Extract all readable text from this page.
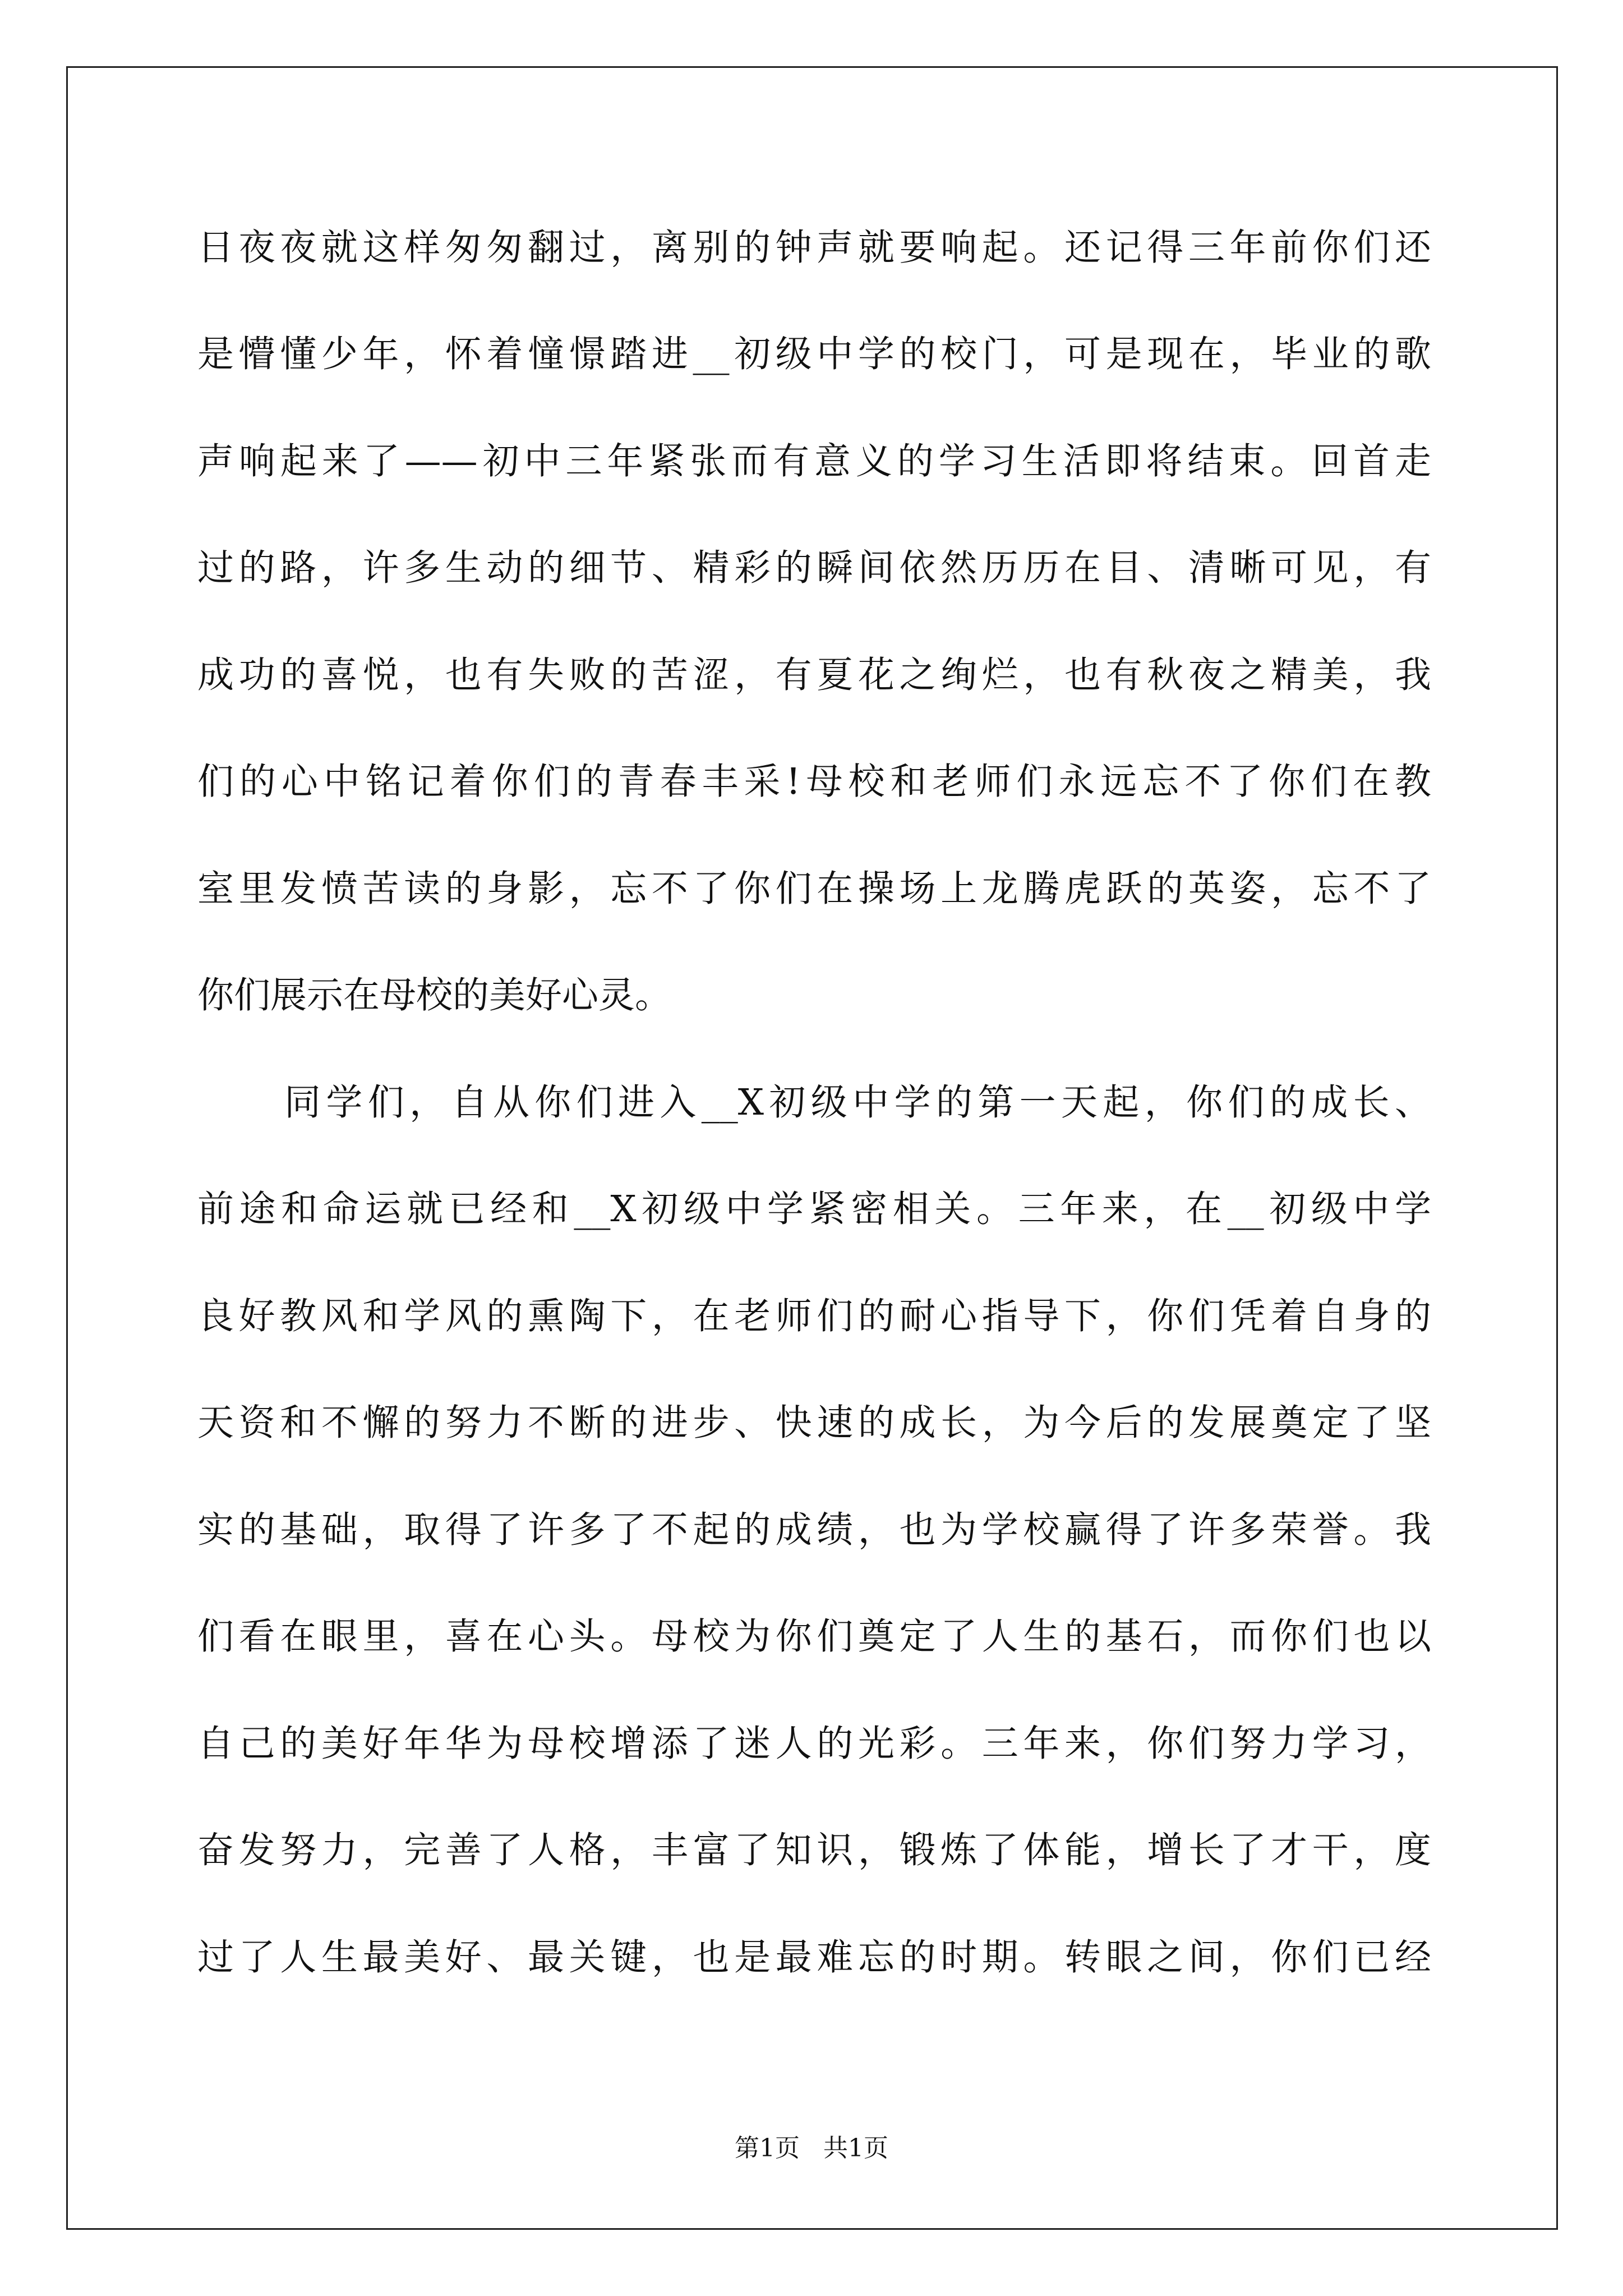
日夜夜就这样匆匆翻过，离别的钟声就要响起。还记得三年前你们还
是懵懂少年，怀着憧憬踏进__初级中学的校门，可是现在，毕业的歌
声响起来了——初中三年紧张而有意义的学习生活即将结束。回首走
过的路，许多生动的细节、精彩的瞬间依然历历在目、清晰可见，有
成功的喜悦，也有失败的苦涩，有夏花之绚烂，也有秋夜之精美，我
们的心中铭记着你们的青春丰采!母校和老师们永远忘不了你们在教
室里发愤苦读的身影，忘不了你们在操场上龙腾虎跃的英姿，忘不了
你们展示在母校的美好心灵。
同学们，自从你们进入__X初级中学的第一天起，你们的成长、
前途和命运就已经和__X初级中学紧密相关。三年来，在__初级中学
良好教风和学风的熏陶下，在老师们的耐心指导下，你们凭着自身的
天资和不懈的努力不断的进步、快速的成长，为今后的发展奠定了坚
实的基础，取得了许多了不起的成绩，也为学校赢得了许多荣誉。我
们看在眼里，喜在心头。母校为你们奠定了人生的基石，而你们也以
自己的美好年华为母校增添了迷人的光彩。三年来，你们努力学习，
奋发努力，完善了人格，丰富了知识，锻炼了体能，增长了才干，度
过了人生最美好、最关键，也是最难忘的时期。转眼之间，你们已经
第1页   共1页
